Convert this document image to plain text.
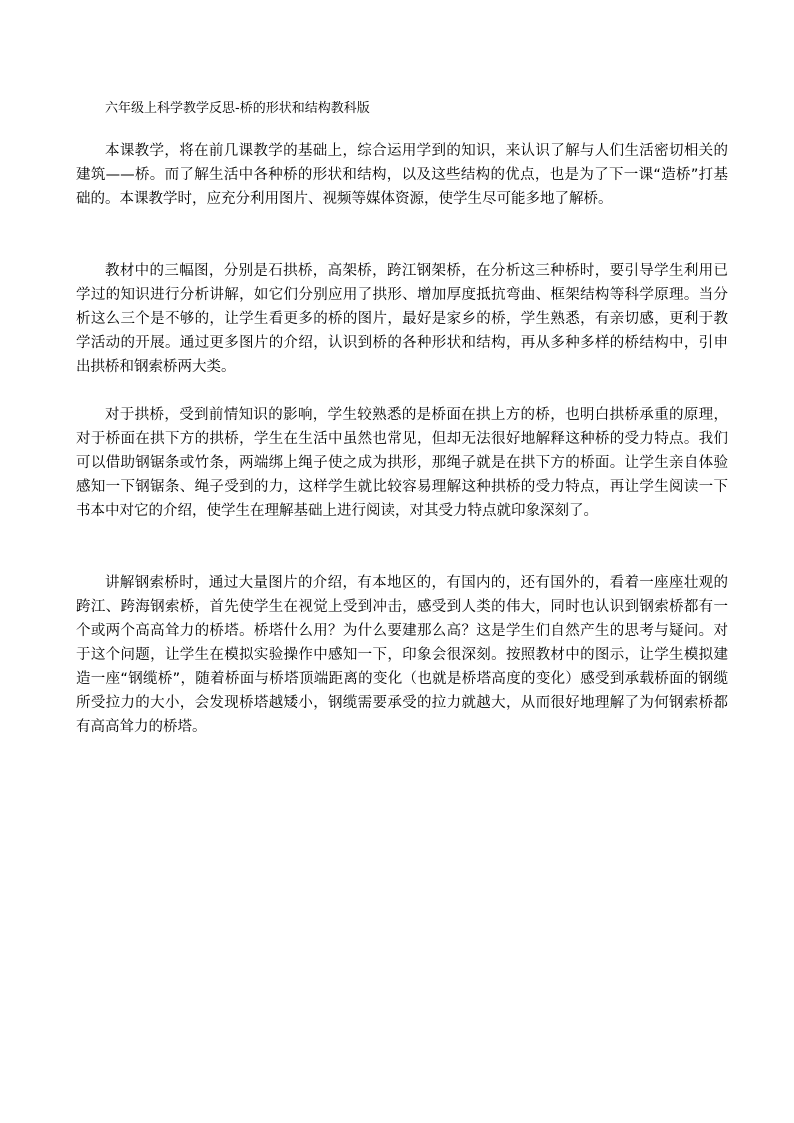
六年级上科学教学反思-桥的形状和结构教科版

本课教学，将在前几课教学的基础上，综合运用学到的知识，来认识了解与人们生活密切相关的建筑——桥。而了解生活中各种桥的形状和结构，以及这些结构的优点，也是为了下一课“造桥”打基础的。本课教学时，应充分利用图片、视频等媒体资源，使学生尽可能多地了解桥。

教材中的三幅图，分别是石拱桥，高架桥，跨江钢架桥，在分析这三种桥时，要引导学生利用已学过的知识进行分析讲解，如它们分别应用了拱形、增加厚度抵抗弯曲、框架结构等科学原理。当分析这么三个是不够的，让学生看更多的桥的图片，最好是家乡的桥，学生熟悉，有亲切感，更利于教学活动的开展。通过更多图片的介绍，认识到桥的各种形状和结构，再从多种多样的桥结构中，引申出拱桥和钢索桥两大类。

对于拱桥，受到前情知识的影响，学生较熟悉的是桥面在拱上方的桥，也明白拱桥承重的原理，对于桥面在拱下方的拱桥，学生在生活中虽然也常见，但却无法很好地解释这种桥的受力特点。我们可以借助钢锯条或竹条，两端绑上绳子使之成为拱形，那绳子就是在拱下方的桥面。让学生亲自体验感知一下钢锯条、绳子受到的力，这样学生就比较容易理解这种拱桥的受力特点，再让学生阅读一下书本中对它的介绍，使学生在理解基础上进行阅读，对其受力特点就印象深刻了。

讲解钢索桥时，通过大量图片的介绍，有本地区的，有国内的，还有国外的，看着一座座壮观的跨江、跨海钢索桥，首先使学生在视觉上受到冲击，感受到人类的伟大，同时也认识到钢索桥都有一个或两个高高耸力的桥塔。桥塔什么用？为什么要建那么高？这是学生们自然产生的思考与疑问。对于这个问题，让学生在模拟实验操作中感知一下，印象会很深刻。按照教材中的图示，让学生模拟建造一座“钢缆桥”，随着桥面与桥塔顶端距离的变化（也就是桥塔高度的变化）感受到承载桥面的钢缆所受拉力的大小，会发现桥塔越矮小，钢缆需要承受的拉力就越大，从而很好地理解了为何钢索桥都有高高耸力的桥塔。
